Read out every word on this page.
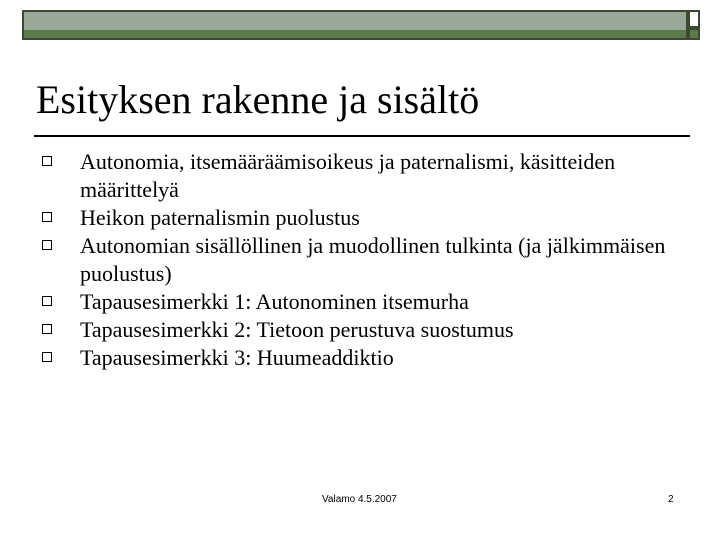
Esityksen rakenne ja sisältö
Autonomia, itsemääräämisoikeus ja paternalismi, käsitteiden määrittelyä
Heikon paternalismin puolustus
Autonomian sisällöllinen ja muodollinen tulkinta (ja jälkimmäisen puolustus)
Tapausesimerkki 1: Autonominen itsemurha
Tapausesimerkki 2: Tietoon perustuva suostumus
Tapausesimerkki 3: Huumeaddiktio
Valamo 4.5.2007	2
